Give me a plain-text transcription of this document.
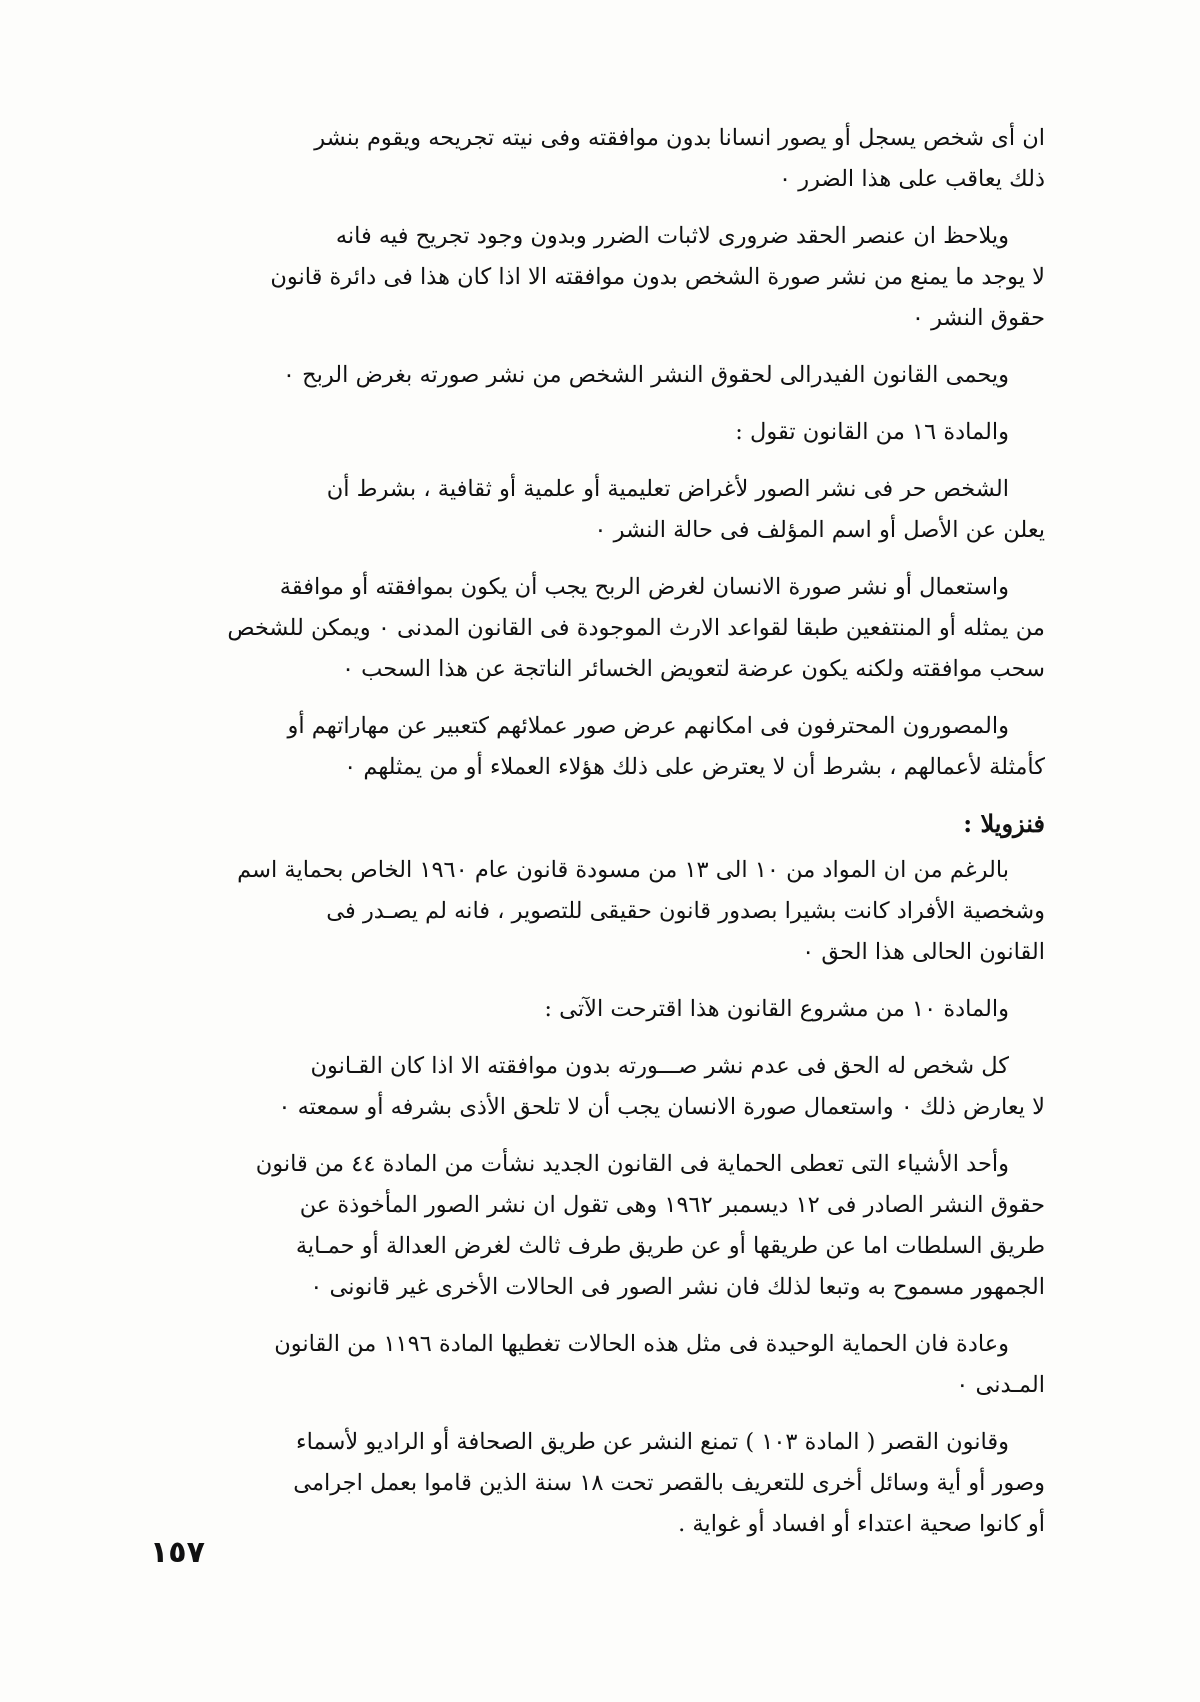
ان أى شخص يسجل أو يصور انسانا بدون موافقته وفى نيته تجريحه ويقوم بنشر
ذلك يعاقب على هذا الضرر ٠
ويلاحظ ان عنصر الحقد ضرورى لاثبات الضرر وبدون وجود تجريح فيه فانه
لا يوجد ما يمنع من نشر صورة الشخص بدون موافقته الا اذا كان هذا فى دائرة قانون
حقوق النشر ٠
ويحمى القانون الفيدرالى لحقوق النشر الشخص من نشر صورته بغرض الربح ٠
والمادة ١٦ من القانون تقول :
الشخص حر فى نشر الصور لأغراض تعليمية أو علمية أو ثقافية ، بشرط أن
يعلن عن الأصل أو اسم المؤلف فى حالة النشر ٠
واستعمال أو نشر صورة الانسان لغرض الربح يجب أن يكون بموافقته أو موافقة
من يمثله أو المنتفعين طبقا لقواعد الارث الموجودة فى القانون المدنى ٠ ويمكن للشخص
سحب موافقته ولكنه يكون عرضة لتعويض الخسائر الناتجة عن هذا السحب ٠
والمصورون المحترفون فى امكانهم عرض صور عملائهم كتعبير عن مهاراتهم أو
كأمثلة لأعمالهم ، بشرط أن لا يعترض على ذلك هؤلاء العملاء أو من يمثلهم ٠
فنزويلا :
بالرغم من ان المواد من ١٠ الى ١٣ من مسودة قانون عام ١٩٦٠ الخاص بحماية اسم
وشخصية الأفراد كانت بشيرا بصدور قانون حقيقى للتصوير ، فانه لم يصـدر فى
القانون الحالى هذا الحق ٠
والمادة ١٠ من مشروع القانون هذا اقترحت الآتى :
كل شخص له الحق فى عدم نشر صـــورته بدون موافقته الا اذا كان القـانون
لا يعارض ذلك ٠ واستعمال صورة الانسان يجب أن لا تلحق الأذى بشرفه أو سمعته ٠
وأحد الأشياء التى تعطى الحماية فى القانون الجديد نشأت من المادة ٤٤ من قانون
حقوق النشر الصادر فى ١٢ ديسمبر ١٩٦٢ وهى تقول ان نشر الصور المأخوذة عن
طريق السلطات اما عن طريقها أو عن طريق طرف ثالث لغرض العدالة أو حمـاية
الجمهور مسموح به وتبعا لذلك فان نشر الصور فى الحالات الأخرى غير قانونى ٠
وعادة فان الحماية الوحيدة فى مثل هذه الحالات تغطيها المادة ١١٩٦ من القانون
المـدنى ٠
وقانون القصر ( المادة ١٠٣ ) تمنع النشر عن طريق الصحافة أو الراديو لأسماء
وصور أو أية وسائل أخرى للتعريف بالقصر تحت ١٨ سنة الذين قاموا بعمل اجرامى
أو كانوا صحية اعتداء أو افساد أو غواية .
١٥٧
